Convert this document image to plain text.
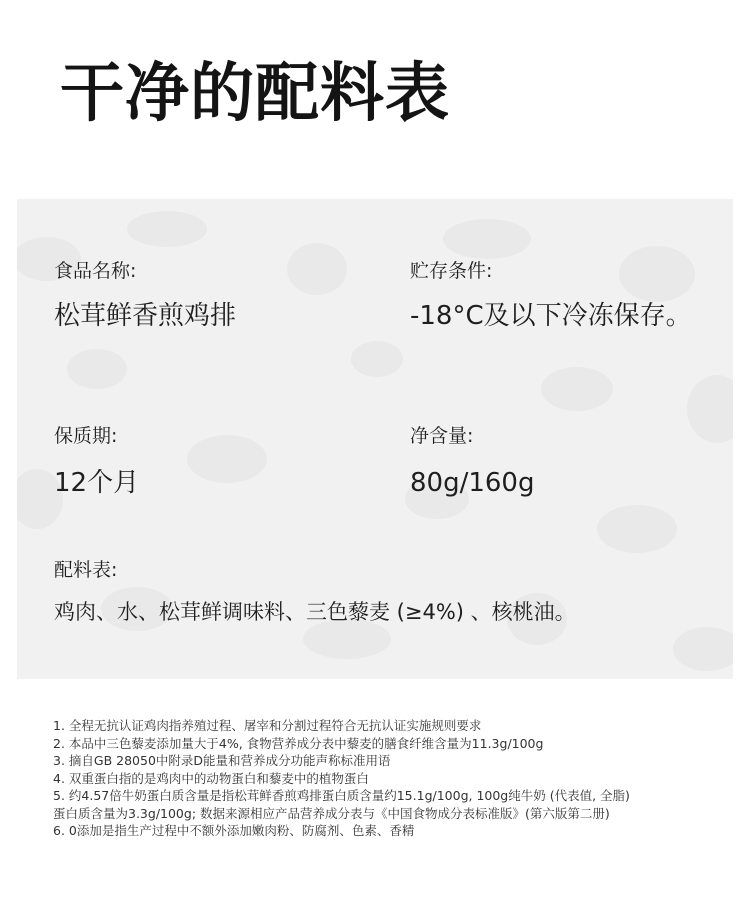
干净的配料表
食品名称:
松茸鲜香煎鸡排
贮存条件:
-18°C及以下冷冻保存。
保质期:
12个月
净含量:
80g/160g
配料表:
鸡肉、水、松茸鲜调味料、三色藜麦 (≥4%) 、核桃油。
1. 全程无抗认证鸡肉指养殖过程、屠宰和分割过程符合无抗认证实施规则要求
2. 本品中三色藜麦添加量大于4%, 食物营养成分表中藜麦的膳食纤维含量为11.3g/100g
3. 摘自GB 28050中附录D能量和营养成分功能声称标准用语
4. 双重蛋白指的是鸡肉中的动物蛋白和藜麦中的植物蛋白
5. 约4.57倍牛奶蛋白质含量是指松茸鲜香煎鸡排蛋白质含量约15.1g/100g, 100g纯牛奶 (代表值, 全脂)
蛋白质含量为3.3g/100g; 数据来源相应产品营养成分表与《中国食物成分表标准版》(第六版第二册)
6. 0添加是指生产过程中不额外添加嫩肉粉、防腐剂、色素、香精
